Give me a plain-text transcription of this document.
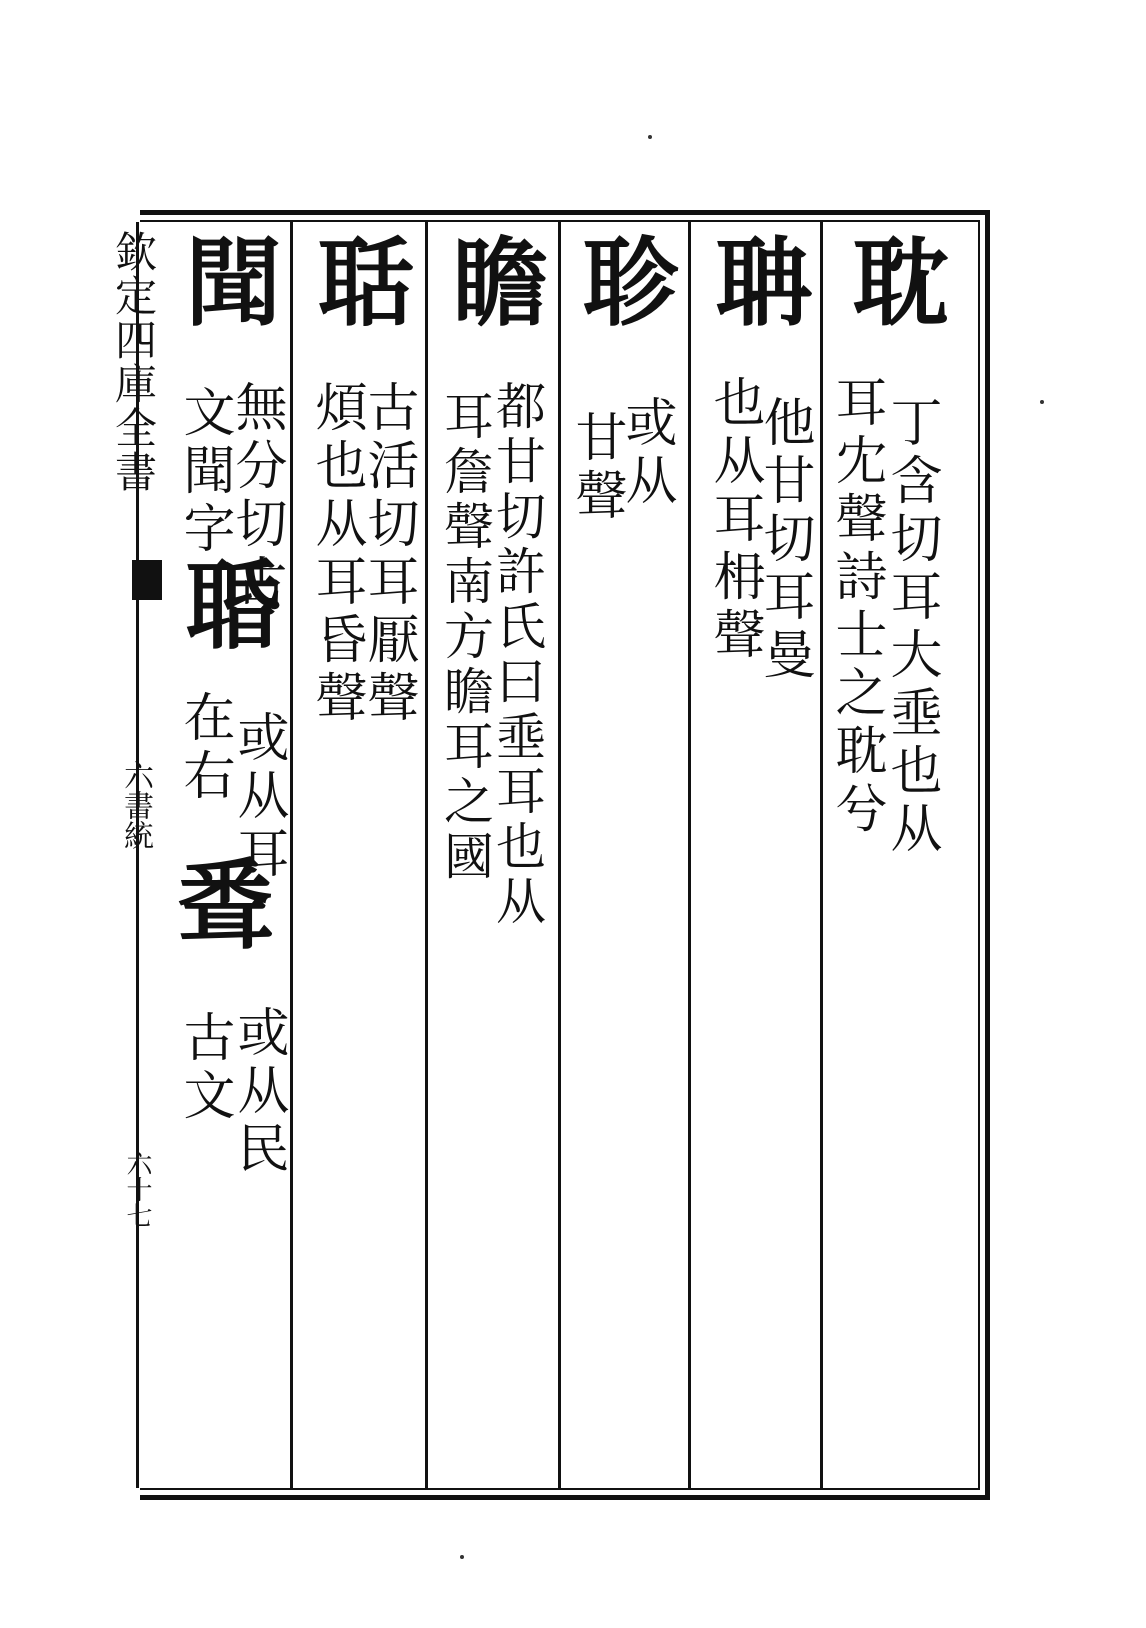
欽定四庫全書
六書統
六十七
耽
丁含切耳大埀也从
耳冘聲詩士之耽兮
聃
他甘切耳曼
也从耳枏聲
聄
或从
甘聲
瞻
都甘切許氏曰埀耳也从
耳詹聲南方瞻耳之國
聒
古活切耳厭聲
煩也从耳昏聲
聞
無分切古
文聞字
䎽
或从耳
在右
䎹
或从民
古文
